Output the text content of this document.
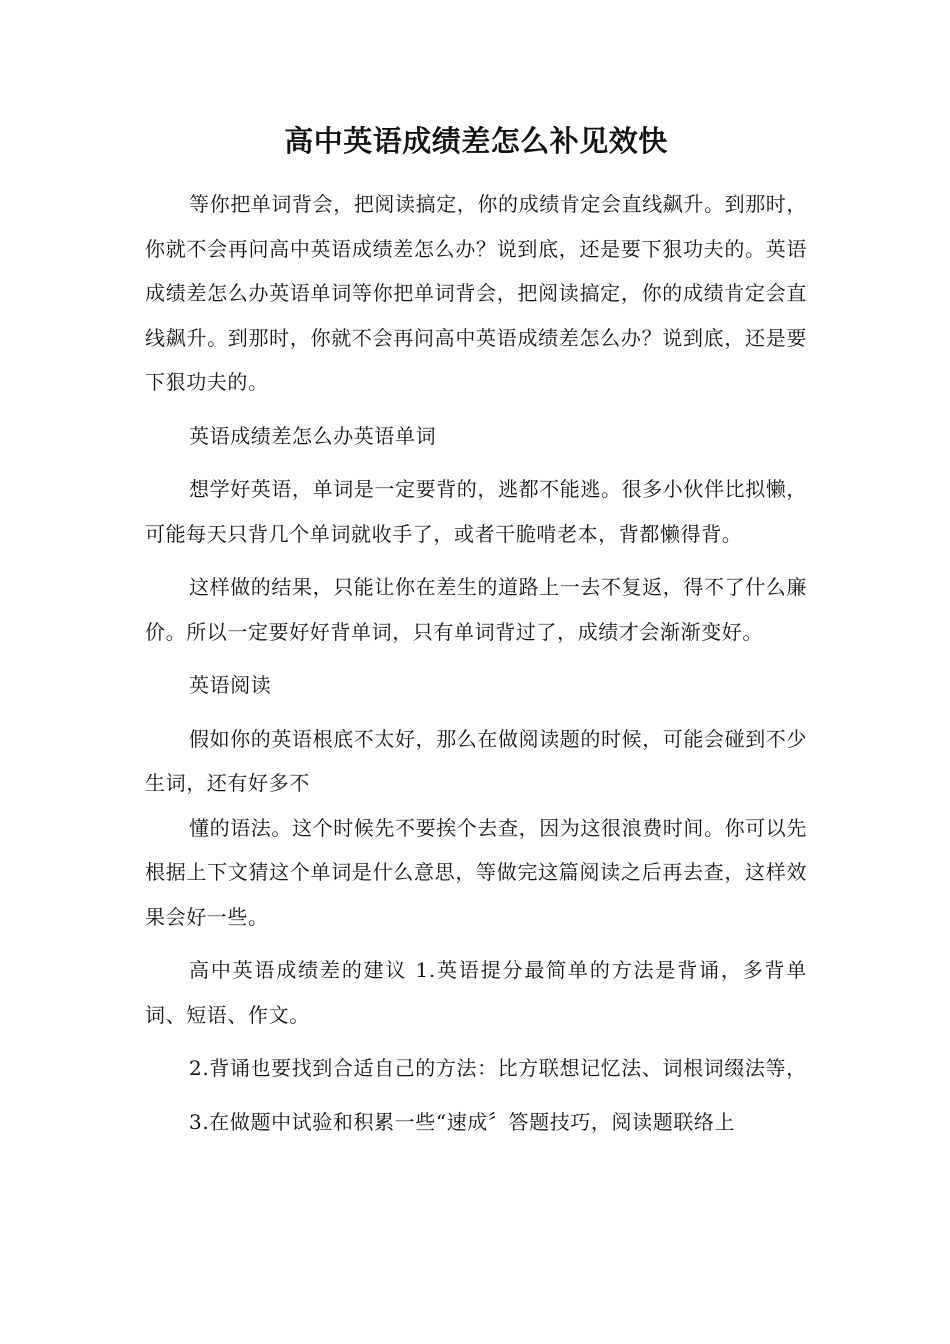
高中英语成绩差怎么补见效快

等你把单词背会，把阅读搞定，你的成绩肯定会直线飙升。到那时，你就不会再问高中英语成绩差怎么办？说到底，还是要下狠功夫的。英语成绩差怎么办英语单词等你把单词背会，把阅读搞定，你的成绩肯定会直线飙升。到那时，你就不会再问高中英语成绩差怎么办？说到底，还是要下狠功夫的。

英语成绩差怎么办英语单词

想学好英语，单词是一定要背的，逃都不能逃。很多小伙伴比拟懒，可能每天只背几个单词就收手了，或者干脆啃老本，背都懒得背。

这样做的结果，只能让你在差生的道路上一去不复返，得不了什么廉价。所以一定要好好背单词，只有单词背过了，成绩才会渐渐变好。

英语阅读

假如你的英语根底不太好，那么在做阅读题的时候，可能会碰到不少生词，还有好多不

懂的语法。这个时候先不要挨个去查，因为这很浪费时间。你可以先根据上下文猜这个单词是什么意思，等做完这篇阅读之后再去查，这样效果会好一些。

高中英语成绩差的建议 1.英语提分最简单的方法是背诵，多背单词、短语、作文。

2.背诵也要找到合适自己的方法：比方联想记忆法、词根词缀法等，

3.在做题中试验和积累一些“速成〞答题技巧，阅读题联络上
